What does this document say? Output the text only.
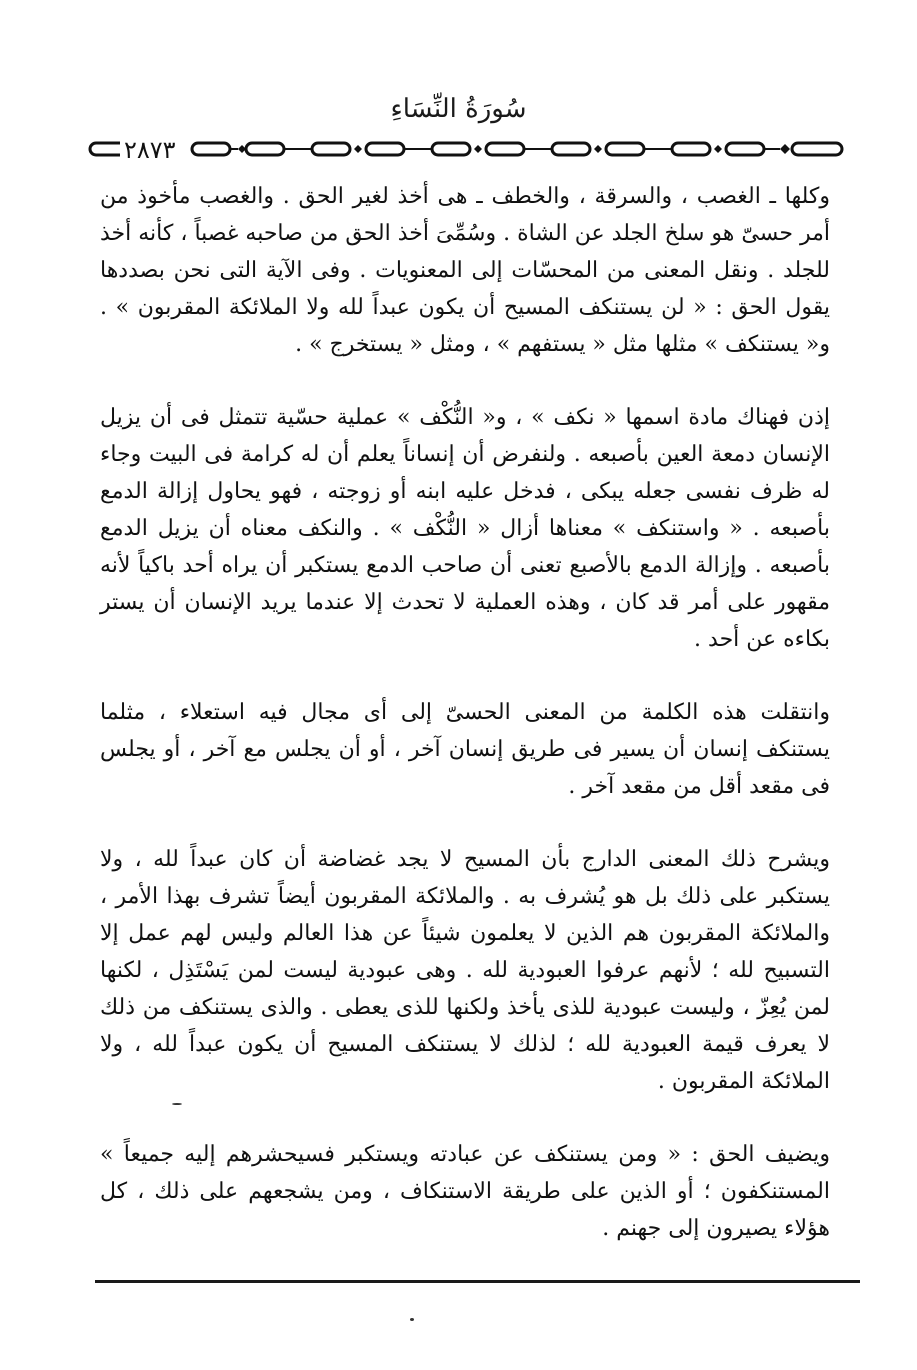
سُورَةُ النِّسَاءِ
٢٨٧٣

وكلها ـ الغصب ، والسرقة ، والخطف ـ هى أخذ لغير الحق . والغصب مأخوذ من أمر حسىّ هو سلخ الجلد عن الشاة . وسُمِّىَ أخذ الحق من صاحبه غصباً ، كأنه أخذ للجلد . ونقل المعنى من المحسّات إلى المعنويات . وفى الآية التى نحن بصددها يقول الحق : « لن يستنكف المسيح أن يكون عبداً لله ولا الملائكة المقربون » . و« يستنكف » مثلها مثل « يستفهم » ، ومثل « يستخرج » .

إذن فهناك مادة اسمها « نكف » ، و« النُّكْف » عملية حسّية تتمثل فى أن يزيل الإنسان دمعة العين بأصبعه . ولنفرض أن إنساناً يعلم أن له كرامة فى البيت وجاء له ظرف نفسى جعله يبكى ، فدخل عليه ابنه أو زوجته ، فهو يحاول إزالة الدمع بأصبعه . « واستنكف » معناها أزال « النُّكْف » . والنكف معناه أن يزيل الدمع بأصبعه . وإزالة الدمع بالأصبع تعنى أن صاحب الدمع يستكبر أن يراه أحد باكياً لأنه مقهور على أمر قد كان ، وهذه العملية لا تحدث إلا عندما يريد الإنسان أن يستر بكاءه عن أحد .

وانتقلت هذه الكلمة من المعنى الحسىّ إلى أى مجال فيه استعلاء ، مثلما يستنكف إنسان أن يسير فى طريق إنسان آخر ، أو أن يجلس مع آخر ، أو يجلس فى مقعد أقل من مقعد آخر .

ويشرح ذلك المعنى الدارج بأن المسيح لا يجد غضاضة أن كان عبداً لله ، ولا يستكبر على ذلك بل هو يُشرف به . والملائكة المقربون أيضاً تشرف بهذا الأمر ، والملائكة المقربون هم الذين لا يعلمون شيئاً عن هذا العالم وليس لهم عمل إلا التسبيح لله ؛ لأنهم عرفوا العبودية لله . وهى عبودية ليست لمن يَسْتَذِل ، لكنها لمن يُعِزّ ، وليست عبودية للذى يأخذ ولكنها للذى يعطى . والذى يستنكف من ذلك لا يعرف قيمة العبودية لله ؛ لذلك لا يستنكف المسيح أن يكون عبداً لله ، ولا الملائكة المقربون .

ويضيف الحق : « ومن يستنكف عن عبادته ويستكبر فسيحشرهم إليه جميعاً » المستنكفون ؛ أو الذين على طريقة الاستنكاف ، ومن يشجعهم على ذلك ، كل هؤلاء يصيرون إلى جهنم .
